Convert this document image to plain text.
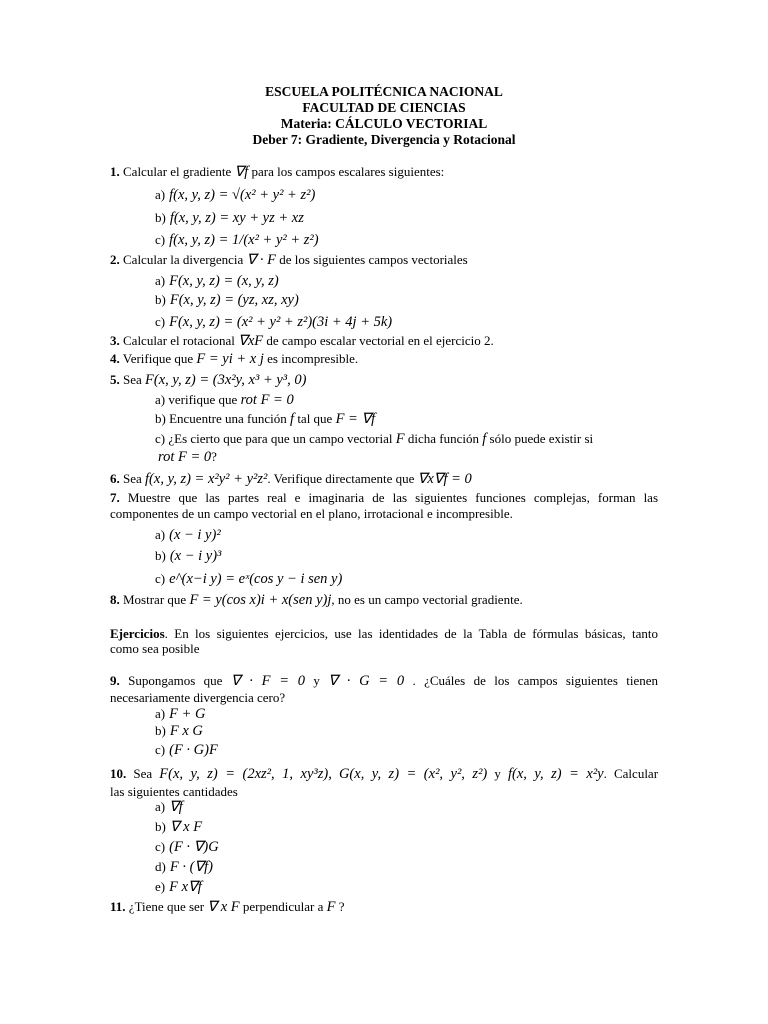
ESCUELA POLITÉCNICA NACIONAL
FACULTAD DE CIENCIAS
Materia: CÁLCULO VECTORIAL
Deber 7: Gradiente, Divergencia y Rotacional
1. Calcular el gradiente ∇f para los campos escalares siguientes:
a) f(x, y, z) = √(x² + y² + z²)
b) f(x, y, z) = xy + yz + xz
c) f(x, y, z) = 1/(x² + y² + z²)
2. Calcular la divergencia ∇ · F de los siguientes campos vectoriales
a) F(x, y, z) = (x, y, z)
b) F(x, y, z) = (yz, xz, xy)
c) F(x, y, z) = (x² + y² + z²)(3i + 4j + 5k)
3. Calcular el rotacional ∇xF de campo escalar vectorial en el ejercicio 2.
4. Verifique que F = yi + x j es incompresible.
5. Sea F(x, y, z) = (3x²y, x³ + y³, 0)
a) verifique que rot F = 0
b) Encuentre una función f tal que F = ∇f
c) ¿Es cierto que para que un campo vectorial F dicha función f sólo puede existir si
rot F = 0?
6. Sea f(x, y, z) = x²y² + y²z². Verifique directamente que ∇x∇f = 0
7. Muestre que las partes real e imaginaria de las siguientes funciones complejas, forman las
componentes de un campo vectorial en el plano, irrotacional e incompresible.
a) (x − i y)²
b) (x − i y)³
c) e^(x−i y) = eˣ(cos y − i sen y)
8. Mostrar que F = y(cos x)i + x(sen y)j, no es un campo vectorial gradiente.
Ejercicios. En los siguientes ejercicios, use las identidades de la Tabla de fórmulas básicas, tanto
como sea posible
9. Supongamos que ∇ · F = 0 y ∇ · G = 0 . ¿Cuáles de los campos siguientes tienen
necesariamente divergencia cero?
a) F + G
b) F x G
c) (F · G)F
10. Sea F(x, y, z) = (2xz², 1, xy³z), G(x, y, z) = (x², y², z²) y f(x, y, z) = x²y. Calcular
las siguientes cantidades
a) ∇f
b) ∇ x F
c) (F · ∇)G
d) F · (∇f)
e) F x∇f
11. ¿Tiene que ser ∇ x F perpendicular a F ?
